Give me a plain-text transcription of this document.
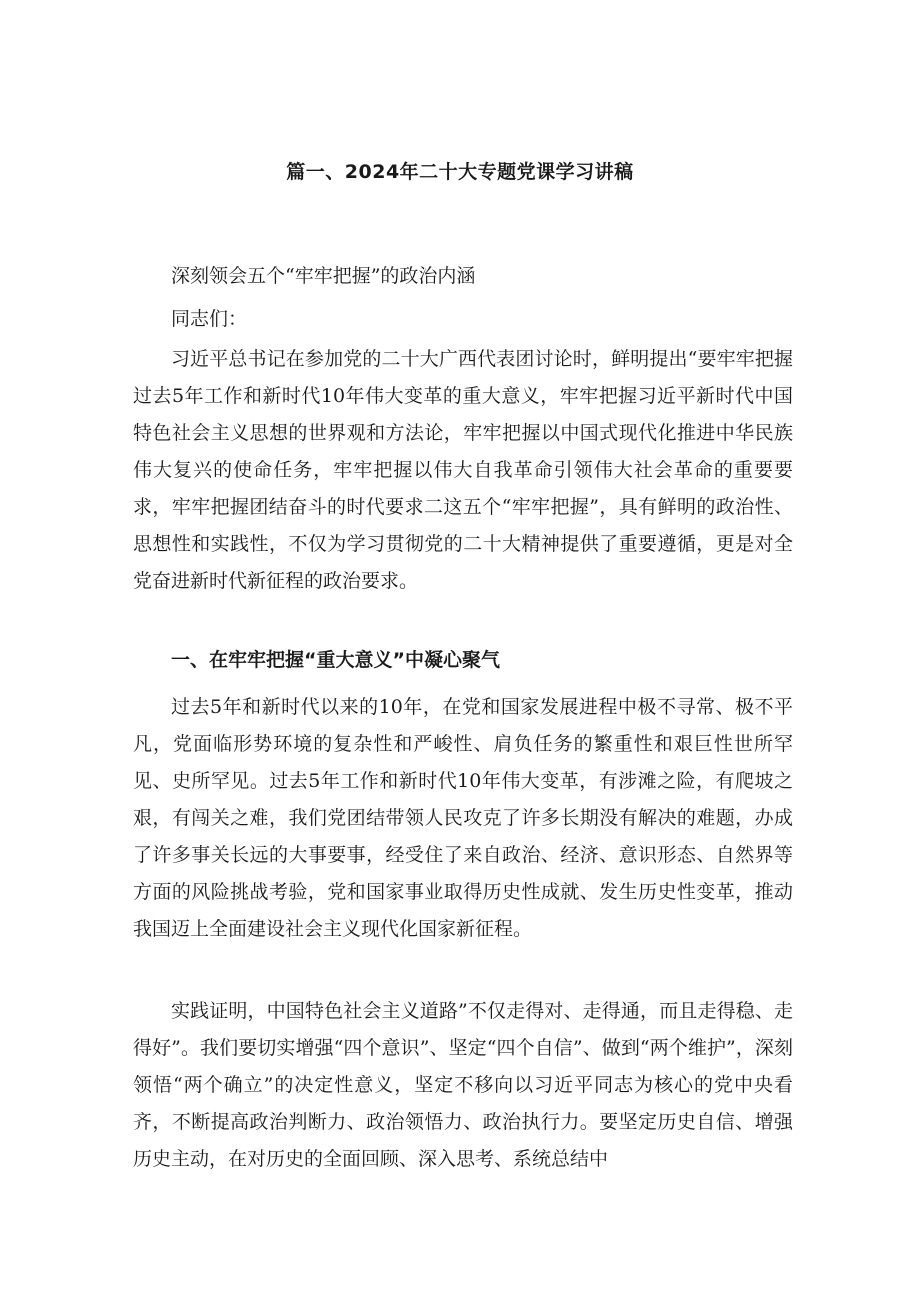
篇一、2024年二十大专题党课学习讲稿
深刻领会五个“牢牢把握”的政治内涵
同志们：

习近平总书记在参加党的二十大广西代表团讨论时，鲜明提出“要牢牢把握过去5年工作和新时代10年伟大变革的重大意义，牢牢把握习近平新时代中国特色社会主义思想的世界观和方法论，牢牢把握以中国式现代化推进中华民族伟大复兴的使命任务，牢牢把握以伟大自我革命引领伟大社会革命的重要要求，牢牢把握团结奋斗的时代要求二这五个“牢牢把握”，具有鲜明的政治性、思想性和实践性，不仅为学习贯彻党的二十大精神提供了重要遵循，更是对全党奋进新时代新征程的政治要求。

一、在牢牢把握“重大意义”中凝心聚气

过去5年和新时代以来的10年，在党和国家发展进程中极不寻常、极不平凡，党面临形势环境的复杂性和严峻性、肩负任务的繁重性和艰巨性世所罕见、史所罕见。过去5年工作和新时代10年伟大变革，有涉滩之险，有爬坡之艰，有闯关之难，我们党团结带领人民攻克了许多长期没有解决的难题，办成了许多事关长远的大事要事，经受住了来自政治、经济、意识形态、自然界等方面的风险挑战考验，党和国家事业取得历史性成就、发生历史性变革，推动我国迈上全面建设社会主义现代化国家新征程。

实践证明，中国特色社会主义道路”不仅走得对、走得通，而且走得稳、走得好”。我们要切实增强“四个意识”、坚定“四个自信”、做到“两个维护”，深刻领悟“两个确立”的决定性意义，坚定不移向以习近平同志为核心的党中央看齐，不断提高政治判断力、政治领悟力、政治执行力。要坚定历史自信、增强历史主动，在对历史的全面回顾、深入思考、系统总结中
